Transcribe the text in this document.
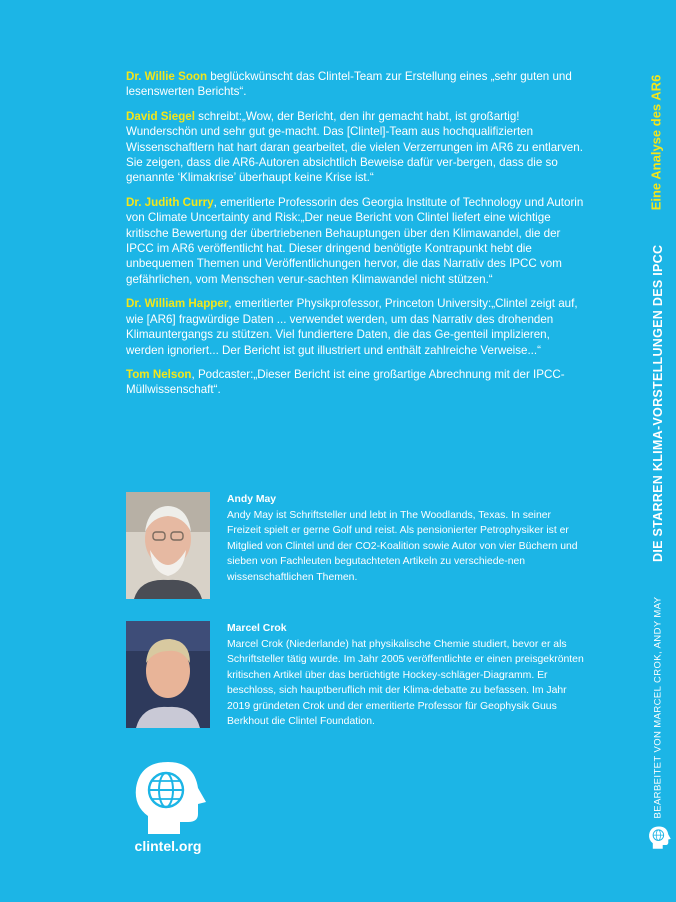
Dr. Willie Soon beglückwünscht das Clintel-Team zur Erstellung eines „sehr guten und lesenswerten Berichts“.

David Siegel schreibt:„Wow, der Bericht, den ihr gemacht habt, ist großartig! Wunderschön und sehr gut ge-macht. Das [Clintel]-Team aus hochqualifizierten Wissenschaftlern hat hart daran gearbeitet, die vielen Verzerrungen im AR6 zu entlarven. Sie zeigen, dass die AR6-Autoren absichtlich Beweise dafür ver-bergen, dass die so genannte ‘Klimakrise’ überhaupt keine Krise ist.“

Dr. Judith Curry, emeritierte Professorin des Georgia Institute of Technology und Autorin von Climate Uncertainty and Risk:„Der neue Bericht von Clintel liefert eine wichtige kritische Bewertung der übertriebenen Behauptungen über den Klimawandel, die der IPCC im AR6 veröffentlicht hat. Dieser dringend benötigte Kontrapunkt hebt die unbequemen Themen und Veröffentlichungen hervor, die das Narrativ des IPCC vom gefährlichen, vom Menschen verur-sachten Klimawandel nicht stützen.“

Dr. William Happer, emeritierter Physikprofessor, Princeton University:„Clintel zeigt auf, wie [AR6] fragwürdige Daten ... verwendet werden, um das Narrativ des drohenden Klimauntergangs zu stützen. Viel fundiertere Daten, die das Ge-genteil implizieren, werden ignoriert... Der Bericht ist gut illustriert und enthält zahlreiche Verweise...“

Tom Nelson, Podcaster:„Dieser Bericht ist eine großartige Abrechnung mit der IPCC-Müllwissenschaft“.

Andy May
Andy May ist Schriftsteller und lebt in The Woodlands, Texas. In seiner Freizeit spielt er gerne Golf und reist. Als pensionierter Petrophysiker ist er Mitglied von Clintel und der CO2-Koalition sowie Autor von vier Büchern und sieben von Fachleuten begutachteten Artikeln zu verschiede-nen wissenschaftlichen Themen.
Marcel Crok
Marcel Crok (Niederlande) hat physikalische Chemie studiert, bevor er als Schriftsteller tätig wurde. Im Jahr 2005 veröffentlichte er einen preisgekrönten kritischen Artikel über das berüchtigte Hockey-schläger-Diagramm. Er beschloss, sich hauptberuflich mit der Klima-debatte zu befassen. Im Jahr 2019 gründeten Crok und der emeritierte Professor für Geophysik Guus Berkhout die Clintel Foundation.
clintel.org
Eine Analyse des AR6
DIE STARREN KLIMA-VORSTELLUNGEN DES IPCC
BEARBEITET VON MARCEL CROK, ANDY MAY
